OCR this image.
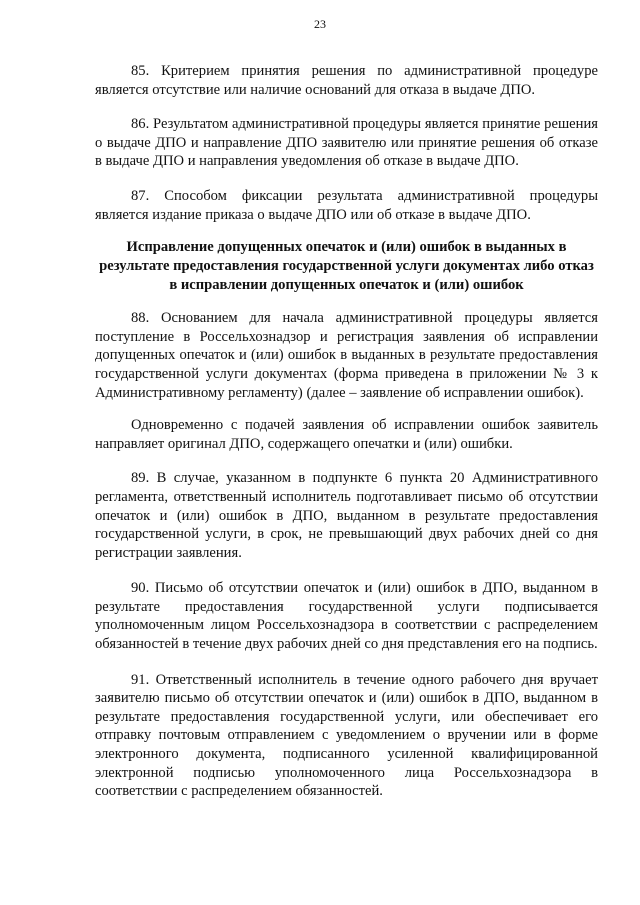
23

85. Критерием принятия решения по административной процедуре является отсутствие или наличие оснований для отказа в выдаче ДПО.

86. Результатом административной процедуры является принятие решения о выдаче ДПО и направление ДПО заявителю или принятие решения об отказе в выдаче ДПО и направления уведомления об отказе в выдаче ДПО.

87. Способом фиксации результата административной процедуры является издание приказа о выдаче ДПО или об отказе в выдаче ДПО.

Исправление допущенных опечаток и (или) ошибок в выданных в результате предоставления государственной услуги документах либо отказ в исправлении допущенных опечаток и (или) ошибок

88. Основанием для начала административной процедуры является поступление в Россельхознадзор и регистрация заявления об исправлении допущенных опечаток и (или) ошибок в выданных в результате предоставления государственной услуги документах (форма приведена в приложении № 3 к Административному регламенту) (далее – заявление об исправлении ошибок).

Одновременно с подачей заявления об исправлении ошибок заявитель направляет оригинал ДПО, содержащего опечатки и (или) ошибки.

89. В случае, указанном в подпункте 6 пункта 20 Административного регламента, ответственный исполнитель подготавливает письмо об отсутствии опечаток и (или) ошибок в ДПО, выданном в результате предоставления государственной услуги, в срок, не превышающий двух рабочих дней со дня регистрации заявления.

90. Письмо об отсутствии опечаток и (или) ошибок в ДПО, выданном в результате предоставления государственной услуги подписывается уполномоченным лицом Россельхознадзора в соответствии с распределением обязанностей в течение двух рабочих дней со дня представления его на подпись.

91. Ответственный исполнитель в течение одного рабочего дня вручает заявителю письмо об отсутствии опечаток и (или) ошибок в ДПО, выданном в результате предоставления государственной услуги, или обеспечивает его отправку почтовым отправлением с уведомлением о вручении или в форме электронного документа, подписанного усиленной квалифицированной электронной подписью уполномоченного лица Россельхознадзора в соответствии с распределением обязанностей.
